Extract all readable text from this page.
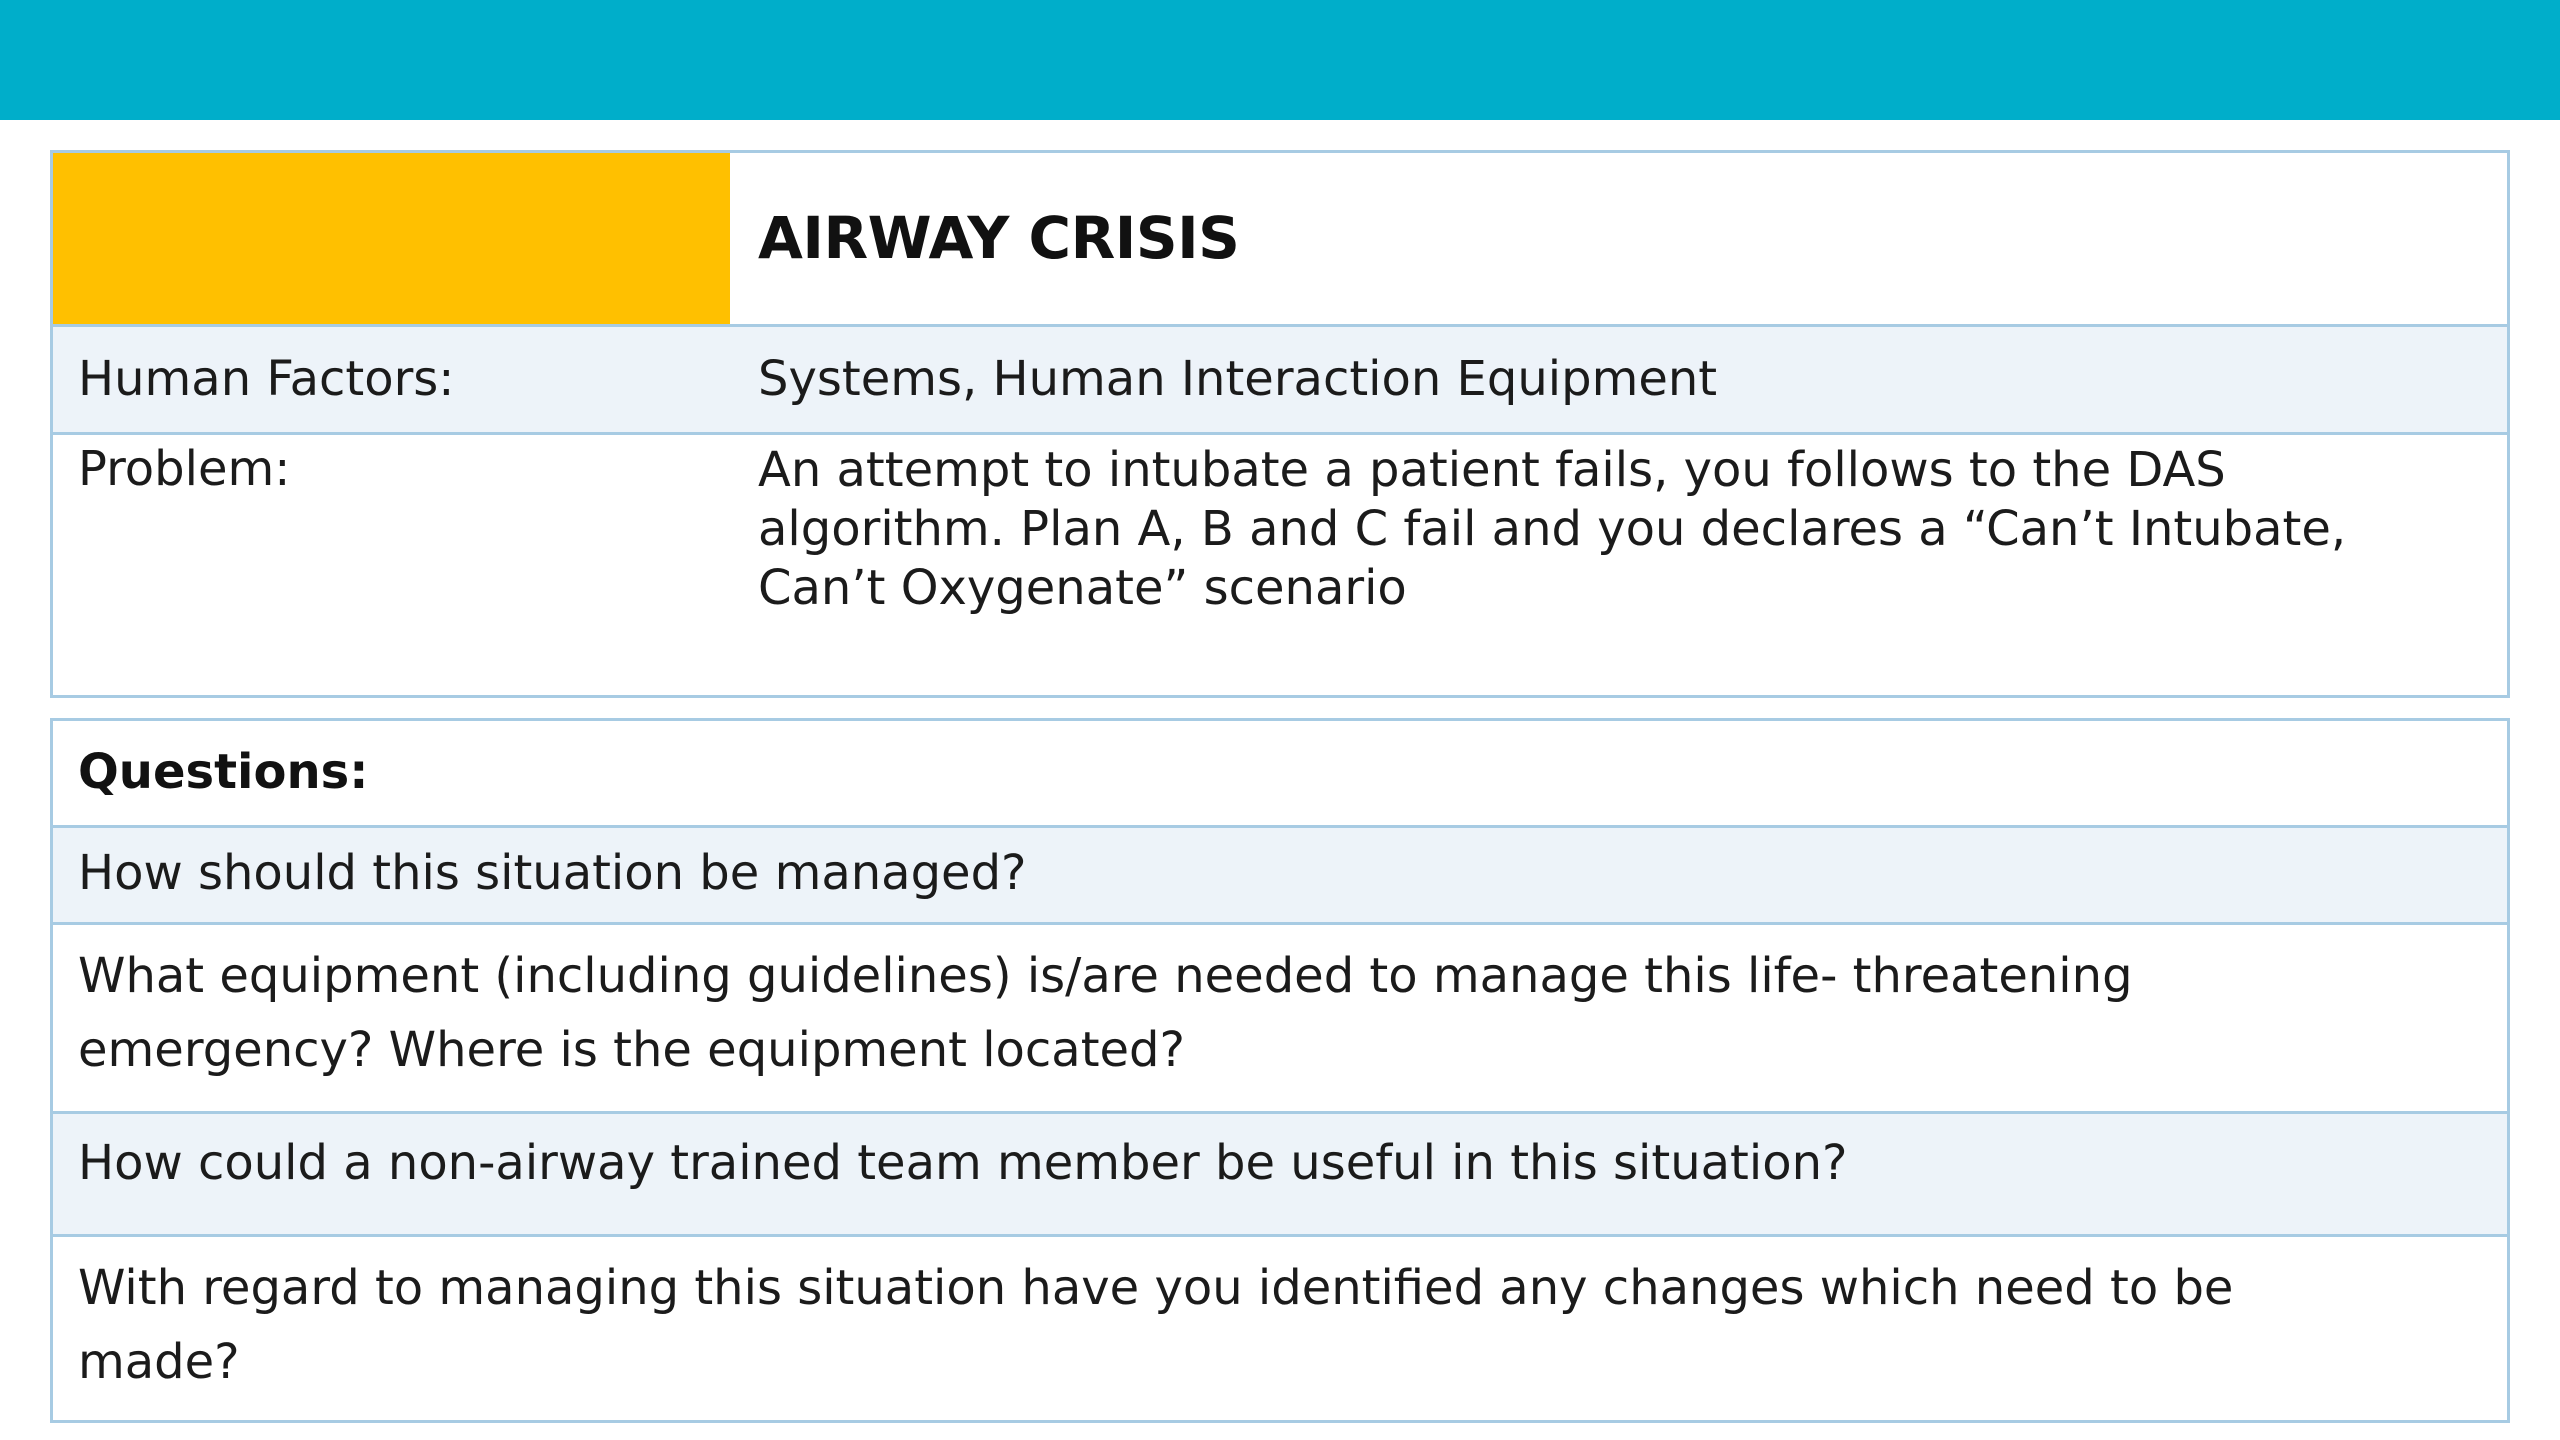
AIRWAY CRISIS
Human Factors:	Systems, Human Interaction Equipment
Problem:	An attempt to intubate a patient fails, you follows to the DAS algorithm. Plan A, B and C fail and you declares a “Can’t Intubate, Can’t Oxygenate” scenario
Questions:
How should this situation be managed?
What equipment (including guidelines) is/are needed to manage this life- threatening emergency? Where is the equipment located?
How could a non-airway trained team member be useful in this situation?
With regard to managing this situation have you identified any changes which need to be made?
